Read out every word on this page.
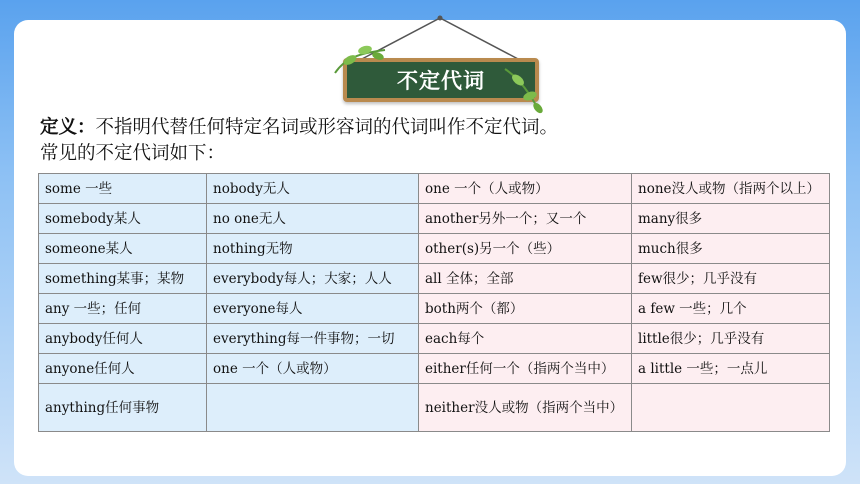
不定代词
定义：不指明代替任何特定名词或形容词的代词叫作不定代词。
常见的不定代词如下：
some 一些	nobody无人	one 一个（人或物）	none没人或物（指两个以上）
somebody某人	no one无人	another另外一个；又一个	many很多
someone某人	nothing无物	other(s)另一个（些）	much很多
something某事；某物	everybody每人；大家；人人	all 全体；全部	few很少；几乎没有
any 一些；任何	everyone每人	both两个（都）	a few 一些；几个
anybody任何人	everything每一件事物；一切	each每个	little很少；几乎没有
anyone任何人	one 一个（人或物）	either任何一个（指两个当中）	a little 一些；一点儿
anything任何事物		neither没人或物（指两个当中）	
